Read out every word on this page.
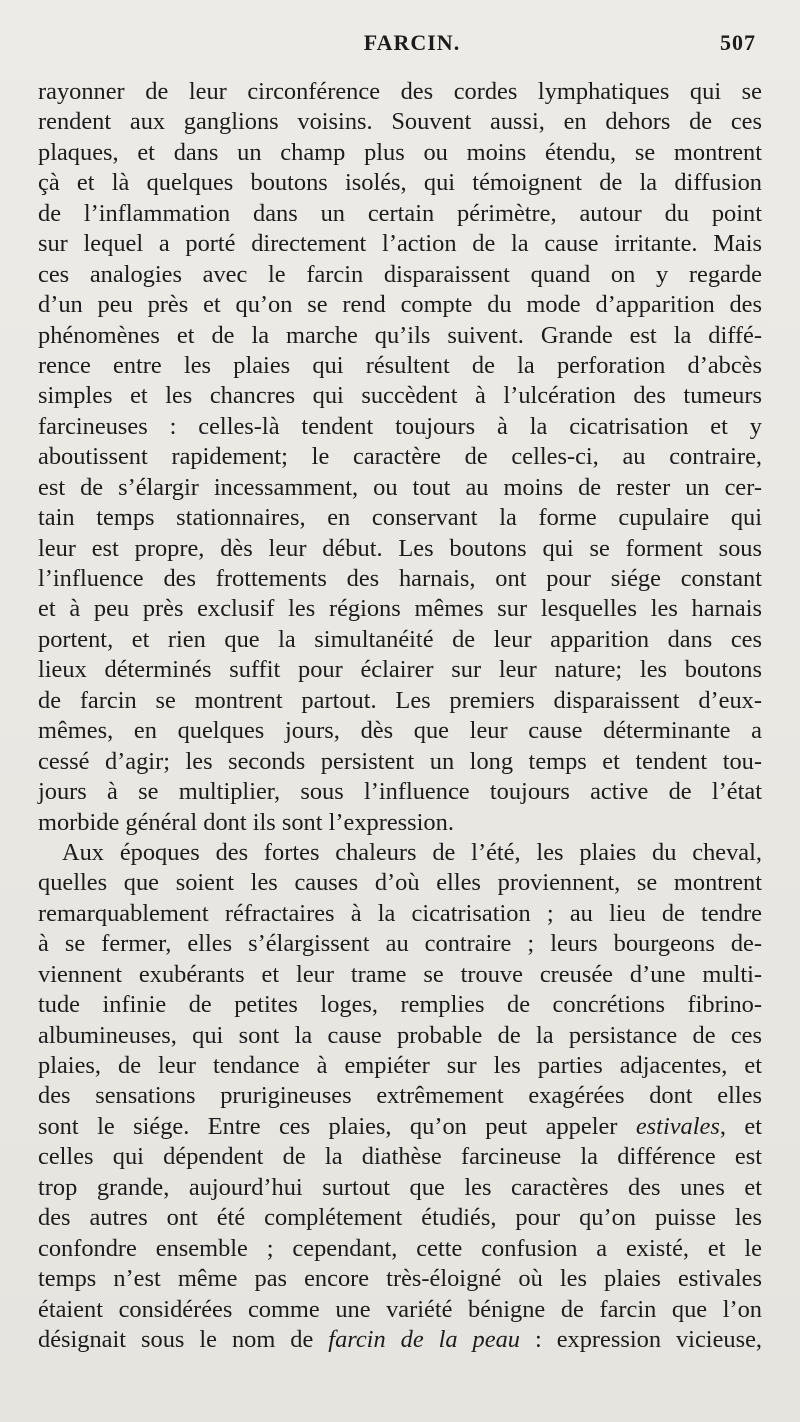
FARCIN.	507
rayonner de leur circonférence des cordes lymphatiques qui se
rendent aux ganglions voisins. Souvent aussi, en dehors de ces
plaques, et dans un champ plus ou moins étendu, se montrent
çà et là quelques boutons isolés, qui témoignent de la diffusion
de l’inflammation dans un certain périmètre, autour du point
sur lequel a porté directement l’action de la cause irritante. Mais
ces analogies avec le farcin disparaissent quand on y regarde
d’un peu près et qu’on se rend compte du mode d’apparition des
phénomènes et de la marche qu’ils suivent. Grande est la diffé-
rence entre les plaies qui résultent de la perforation d’abcès
simples et les chancres qui succèdent à l’ulcération des tumeurs
farcineuses : celles-là tendent toujours à la cicatrisation et y
aboutissent rapidement; le caractère de celles-ci, au contraire,
est de s’élargir incessamment, ou tout au moins de rester un cer-
tain temps stationnaires, en conservant la forme cupulaire qui
leur est propre, dès leur début. Les boutons qui se forment sous
l’influence des frottements des harnais, ont pour siége constant
et à peu près exclusif les régions mêmes sur lesquelles les harnais
portent, et rien que la simultanéité de leur apparition dans ces
lieux déterminés suffit pour éclairer sur leur nature; les boutons
de farcin se montrent partout. Les premiers disparaissent d’eux-
mêmes, en quelques jours, dès que leur cause déterminante a
cessé d’agir; les seconds persistent un long temps et tendent tou-
jours à se multiplier, sous l’influence toujours active de l’état
morbide général dont ils sont l’expression.
Aux époques des fortes chaleurs de l’été, les plaies du cheval,
quelles que soient les causes d’où elles proviennent, se montrent
remarquablement réfractaires à la cicatrisation ; au lieu de tendre
à se fermer, elles s’élargissent au contraire ; leurs bourgeons de-
viennent exubérants et leur trame se trouve creusée d’une multi-
tude infinie de petites loges, remplies de concrétions fibrino-
albumineuses, qui sont la cause probable de la persistance de ces
plaies, de leur tendance à empiéter sur les parties adjacentes, et
des sensations prurigineuses extrêmement exagérées dont elles
sont le siége. Entre ces plaies, qu’on peut appeler estivales, et
celles qui dépendent de la diathèse farcineuse la différence est
trop grande, aujourd’hui surtout que les caractères des unes et
des autres ont été complétement étudiés, pour qu’on puisse les
confondre ensemble ; cependant, cette confusion a existé, et le
temps n’est même pas encore très-éloigné où les plaies estivales
étaient considérées comme une variété bénigne de farcin que l’on
désignait sous le nom de farcin de la peau : expression vicieuse,
